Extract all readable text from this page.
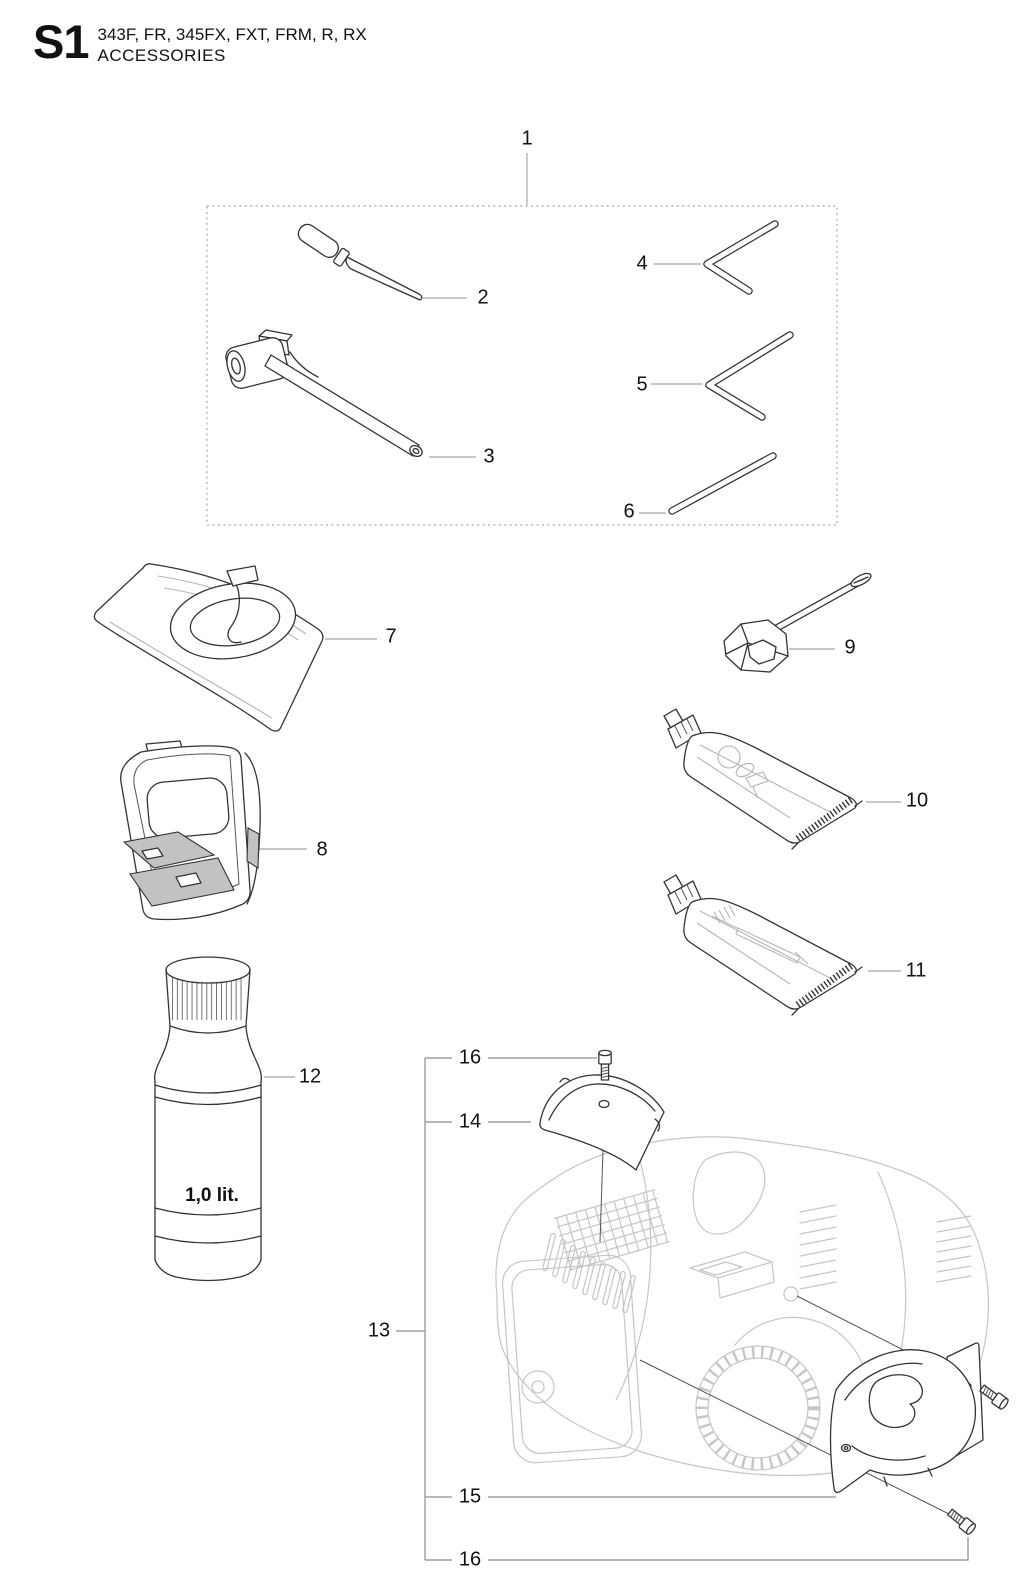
S1 343F, FR, 345FX, FXT, FRM, R, RX
ACCESSORIES
1
2
3
4
5
6
7
8
9
10
11
12
13
14
15
16
16
1,0 lit.
